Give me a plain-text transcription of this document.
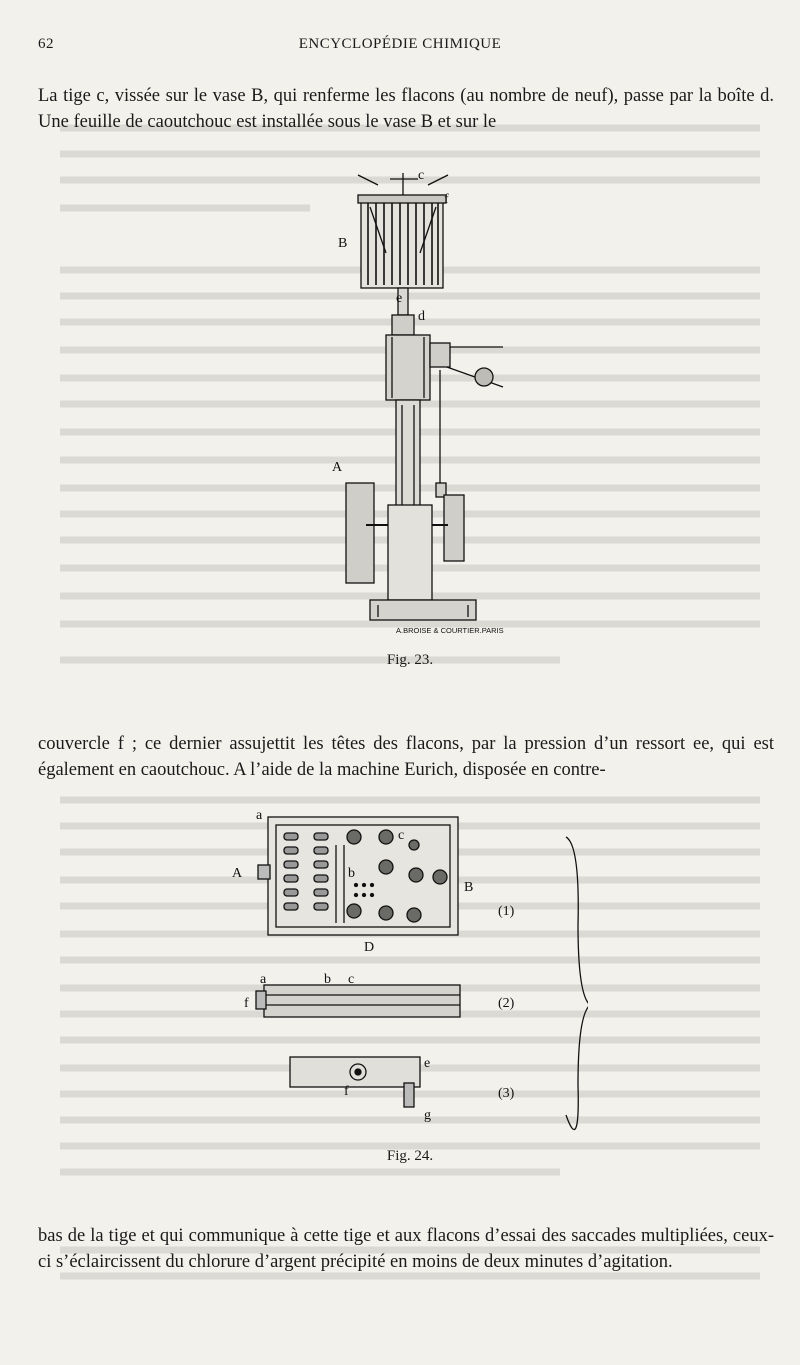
62	ENCYCLOPÉDIE CHIMIQUE

La tige c, vissée sur le vase B, qui renferme les flacons (au nombre de neuf), passe par la boîte d. Une feuille de caoutchouc est installée sous le vase B et sur le

B
c
f
e
d
A
A.BROISE & COURTIER.PARIS
Fig. 23.

couvercle f ; ce dernier assujettit les têtes des flacons, par la pression d’un ressort ee, qui est également en caoutchouc. A l’aide de la machine Eurich, disposée en contre-

a
A
B
D
c
b
a	b c
f
e
f
g
(1)
(2)
(3)
Fig. 24.

bas de la tige et qui communique à cette tige et aux flacons d’essai des saccades multipliées, ceux-ci s’éclaircissent du chlorure d’argent précipité en moins de deux minutes d’agitation.
